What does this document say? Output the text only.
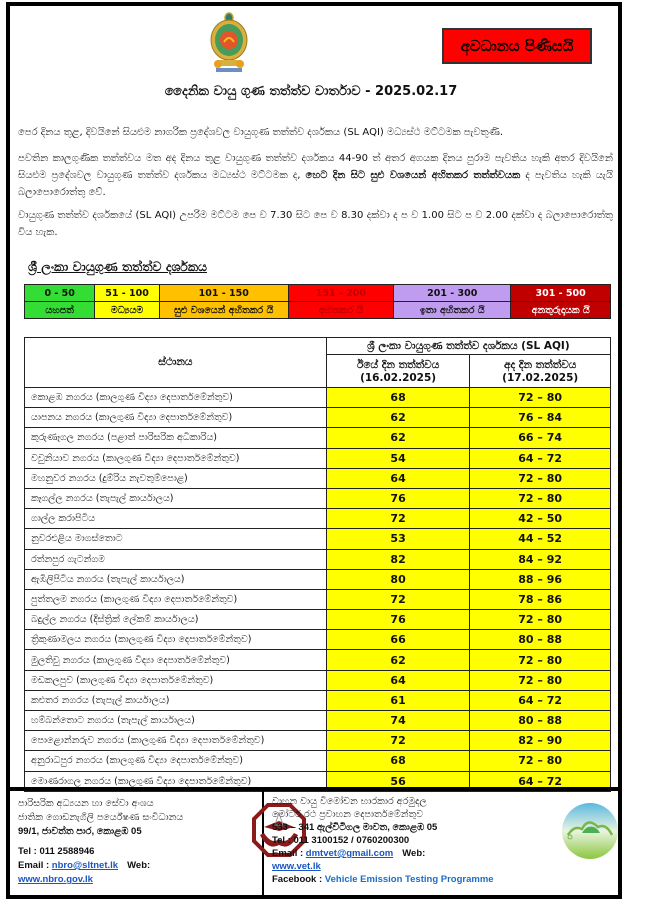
අවධානය පිණිසයි
දෛනික වායු ගුණ තත්ත්ව වාර්තාව - 2025.02.17
පෙර දිනය තුළ, දිවයිනේ සියළුම නාගරික ප්‍රදේශවල වායුගුණ තත්ත්ව දර්ශකය (SL AQI) මධ්‍යස්ථ මට්ටමක පැවතුණි.
පවතින කාලගුණික තත්ත්වය මත අද දිනය තුළ වායුගුණ තත්ත්ව දර්ශකය 44-90 ත් අතර අගයක දිනය පුරාම පැවතිය හැකි අතර දිවයිනේ සියළුම ප්‍රදේශවල වායුගුණ තත්ත්ව දර්ශකය මධ්‍යස්ථ මට්ටමක ද, හෙට දින සිට සුළු වශයෙන් අහිතකර තත්ත්වයක ද පැවතිය හැකි යැයි බලාපොරොත්තු වේ.
වායුගුණ තත්ත්ව දර්ශකයේ (SL AQI) උපරිම මට්ටම පෙ ව 7.30 සිට පෙ ව 8.30 දක්වා ද ප ව 1.00 සිට ප ව 2.00 දක්වා ද බලාපොරොත්තු විය හැක.
ශ්‍රී ලංකා වායුගුණ තත්ත්ව දර්ශකය
0 - 50	51 - 100	101 - 150	151 - 200	201 - 300	301 - 500
යහපත්	මධ්‍යයම	සුළු වශයෙන් අහිතකර යි	අහිතකර යි	ඉතා අහිතකර යි	අනතුරුදායක යි
ස්ථානය	ශ්‍රී ලංකා වායුගුණ තත්ත්ව දර්ශකය (SL AQI)	

ඊයේ දින තත්ත්වය
(16.02.2025)

අද දින තත්ත්වය
(17.02.2025)

කොළඹ නගරය (කාලගුණ විද්‍යා දෙපාර්තමේන්තුව)	68	72 – 80
යාපනය නගරය (කාලගුණ විද්‍යා දෙපාර්තමේන්තුව)	62	76 – 84
කුරුණෑගල නගරය (පළාත් පාරිසරික අධිකාරිය)	62	66 – 74
වවුනියාව නගරය (කාලගුණ විද්‍යා දෙපාර්තමේන්තුව)	54	64 – 72
මහනුවර නගරය (දුම්රිය නැවතුම්පොළ)	64	72 – 80
කෑගල්ල නගරය (තැපැල් කාර්යාලය)	76	72 – 80
ගාල්ල කරාපිටිය	72	42 – 50
නුවරඑළිය මාගස්තොට	53	44 – 52
රත්නපුර ගැටන්ගම	82	84 – 92
ඇඹිලිපිටිය නගරය (තැපැල් කාර්යාලය)	80	88 – 96
පුත්තලම නගරය (කාලගුණ විද්‍යා දෙපාර්තමේන්තුව)	72	78 – 86
බදුල්ල නගරය (දිස්ත්‍රික් ලේකම් කාර්යාලය)	76	72 – 80
ත්‍රිකුණාමලය නගරය (කාලගුණ විද්‍යා දෙපාර්තමේන්තුව)	66	80 – 88
මුලතිවු නගරය (කාලගුණ විද්‍යා දෙපාර්තමේන්තුව)	62	72 – 80
මඩකලපුව (කාලගුණ විද්‍යා දෙපාර්තමේන්තුව)	64	72 – 80
කළුතර නගරය (තැපැල් කාර්යාලය)	61	64 – 72
හම්බන්තොට නගරය (තැපැල් කාර්යාලය)	74	80 – 88
පොළොන්නරුව නගරය (කාලගුණ විද්‍යා දෙපාර්තමේන්තුව)	72	82 – 90
අනුරාධපුර නගරය (කාලගුණ විද්‍යා දෙපාර්තමේන්තුව)	68	72 – 80
මොණරාගල නගරය (කාලගුණ විද්‍යා දෙපාර්තමේන්තුව)	56	64 – 72
පාරිසරික අධ්‍යයන හා සේවා අංශය
ජාතික ගොඩනැගිලි පර්යේෂණ සංවිධානය
99/1, ජාවත්ත පාර, කොළඹ 05
Tel : 011 2588946
Email : nbro@sltnet.lk Web:
www.nbro.gov.lk
වාහන වායු විමෝචන භාරකාර අරමුදල
මෝටර් රථ ප්‍රවාහන දෙපාර්තමේන්තුව
533 – 341 ඇල්විටිගල මාවත, කොළඹ 05
Tel : 011 3100152 / 0760200300
Email : dmtvet@gmail.com Web:
www.vet.lk
Facebook : Vehicle Emission Testing Programme
